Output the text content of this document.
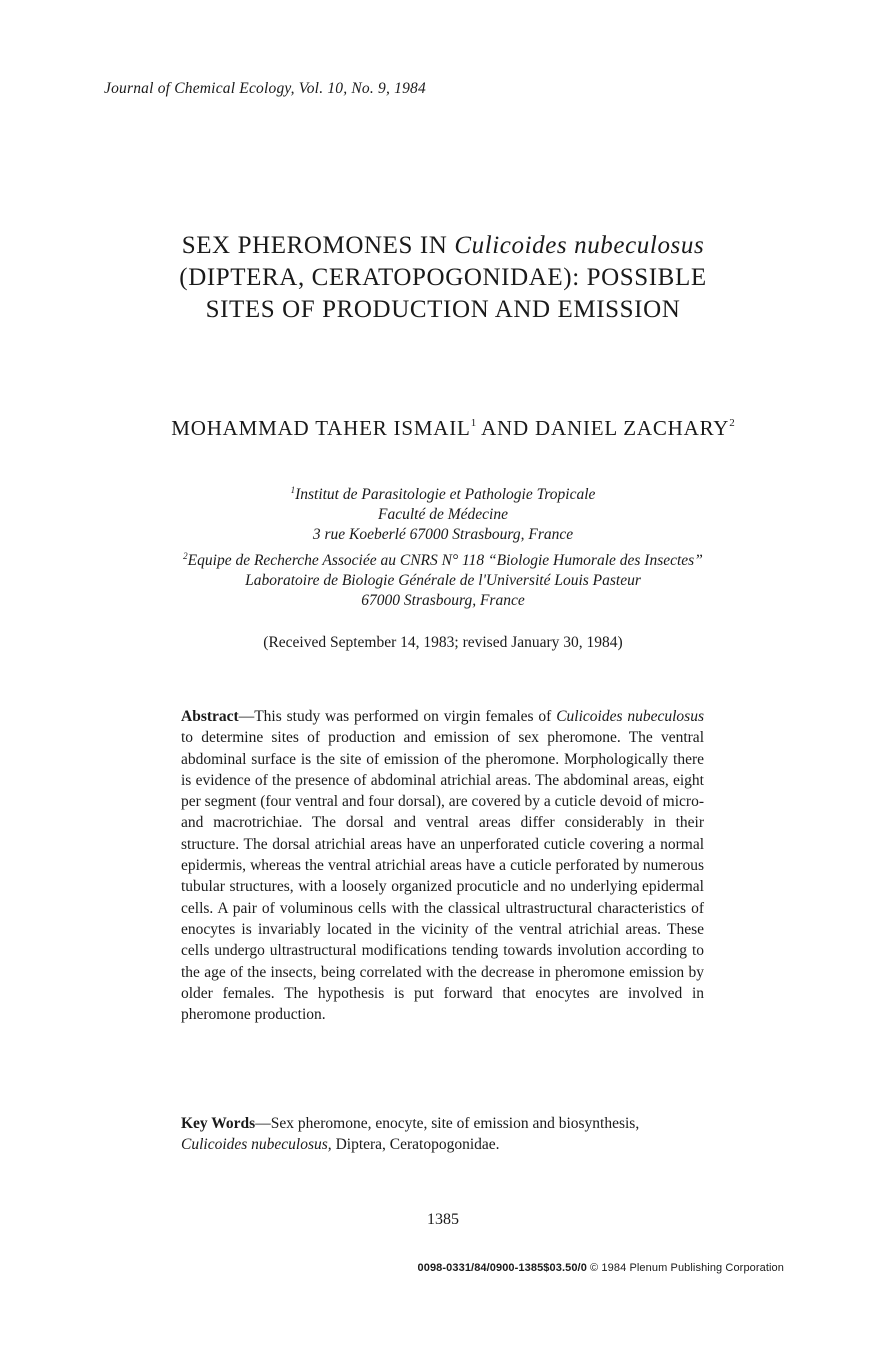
Journal of Chemical Ecology, Vol. 10, No. 9, 1984
SEX PHEROMONES IN Culicoides nubeculosus
(DIPTERA, CERATOPOGONIDAE): POSSIBLE
SITES OF PRODUCTION AND EMISSION
MOHAMMAD TAHER ISMAIL$^1$ AND DANIEL ZACHARY$^2$
$^1$Institut de Parasitologie et Pathologie Tropicale
Faculté de Médecine
3 rue Koeberlé 67000 Strasbourg, France
$^2$Equipe de Recherche Associée au CNRS N° 118 “Biologie Humorale des Insectes”
Laboratoire de Biologie Générale de l'Université Louis Pasteur
67000 Strasbourg, France
(Received September 14, 1983; revised January 30, 1984)
Abstract—This study was performed on virgin females of Culicoides nubeculosus to determine sites of production and emission of sex pheromone. The ventral abdominal surface is the site of emission of the pheromone. Morphologically there is evidence of the presence of abdominal atrichial areas. The abdominal areas, eight per segment (four ventral and four dorsal), are covered by a cuticle devoid of micro- and macrotrichiae. The dorsal and ventral areas differ considerably in their structure. The dorsal atrichial areas have an unperforated cuticle covering a normal epidermis, whereas the ventral atrichial areas have a cuticle perforated by numerous tubular structures, with a loosely organized procuticle and no underlying epidermal cells. A pair of voluminous cells with the classical ultrastructural characteristics of enocytes is invariably located in the vicinity of the ventral atrichial areas. These cells undergo ultrastructural modifications tending towards involution according to the age of the insects, being correlated with the decrease in pheromone emission by older females. The hypothesis is put forward that enocytes are involved in pheromone production.
Key Words—Sex pheromone, enocyte, site of emission and biosynthesis, Culicoides nubeculosus, Diptera, Ceratopogonidae.
1385
0098-0331/84/0900-1385$03.50/0 © 1984 Plenum Publishing Corporation
